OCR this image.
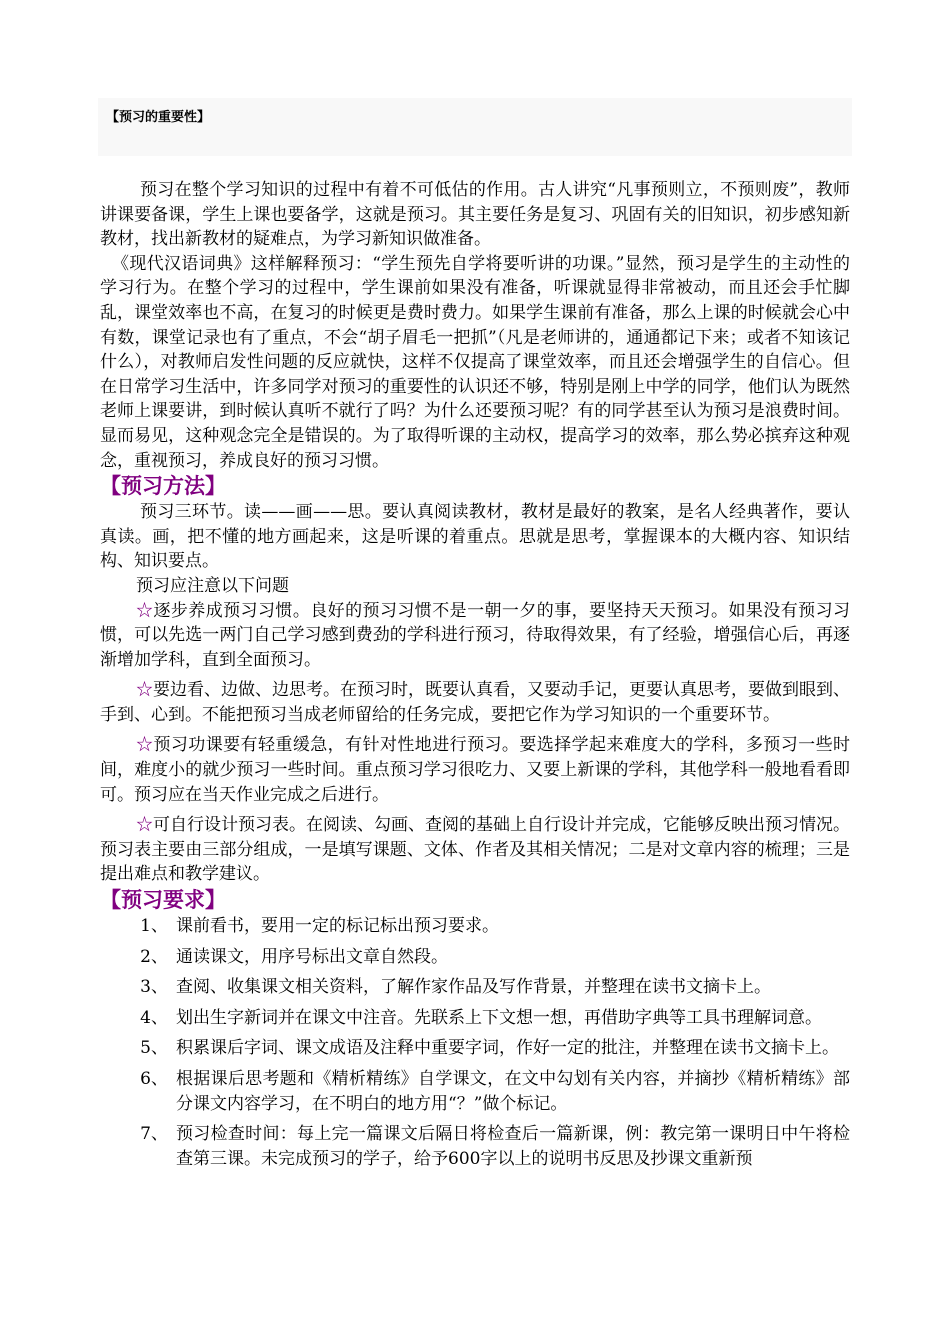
【预习的重要性】

预习在整个学习知识的过程中有着不可低估的作用。古人讲究“凡事预则立，不预则废”，教师讲课要备课，学生上课也要备学，这就是预习。其主要任务是复习、巩固有关的旧知识，初步感知新教材，找出新教材的疑难点，为学习新知识做准备。

《现代汉语词典》这样解释预习：“学生预先自学将要听讲的功课。”显然，预习是学生的主动性的学习行为。在整个学习的过程中，学生课前如果没有准备，听课就显得非常被动，而且还会手忙脚乱，课堂效率也不高，在复习的时候更是费时费力。如果学生课前有准备，那么上课的时候就会心中有数，课堂记录也有了重点，不会“胡子眉毛一把抓”（凡是老师讲的，通通都记下来；或者不知该记什么），对教师启发性问题的反应就快，这样不仅提高了课堂效率，而且还会增强学生的自信心。但在日常学习生活中，许多同学对预习的重要性的认识还不够，特别是刚上中学的同学，他们认为既然老师上课要讲，到时候认真听不就行了吗？为什么还要预习呢？有的同学甚至认为预习是浪费时间。显而易见，这种观念完全是错误的。为了取得听课的主动权，提高学习的效率，那么势必摈弃这种观念，重视预习，养成良好的预习习惯。

【预习方法】

预习三环节。读——画——思。要认真阅读教材，教材是最好的教案，是名人经典著作，要认真读。画，把不懂的地方画起来，这是听课的着重点。思就是思考，掌握课本的大概内容、知识结构、知识要点。

预习应注意以下问题

☆逐步养成预习习惯。良好的预习习惯不是一朝一夕的事，要坚持天天预习。如果没有预习习惯，可以先选一两门自己学习感到费劲的学科进行预习，待取得效果，有了经验，增强信心后，再逐渐增加学科，直到全面预习。

☆要边看、边做、边思考。在预习时，既要认真看，又要动手记，更要认真思考，要做到眼到、手到、心到。不能把预习当成老师留给的任务完成，要把它作为学习知识的一个重要环节。

☆预习功课要有轻重缓急，有针对性地进行预习。要选择学起来难度大的学科，多预习一些时间，难度小的就少预习一些时间。重点预习学习很吃力、又要上新课的学科，其他学科一般地看看即可。预习应在当天作业完成之后进行。

☆可自行设计预习表。在阅读、勾画、查阅的基础上自行设计并完成，它能够反映出预习情况。预习表主要由三部分组成，一是填写课题、文体、作者及其相关情况；二是对文章内容的梳理；三是提出难点和教学建议。

【预习要求】

1、 课前看书，要用一定的标记标出预习要求。
2、 通读课文，用序号标出文章自然段。
3、 查阅、收集课文相关资料，了解作家作品及写作背景，并整理在读书文摘卡上。
4、 划出生字新词并在课文中注音。先联系上下文想一想，再借助字典等工具书理解词意。
5、 积累课后字词、课文成语及注释中重要字词，作好一定的批注，并整理在读书文摘卡上。
6、 根据课后思考题和《精析精练》自学课文，在文中勾划有关内容，并摘抄《精析精练》部分课文内容学习，在不明白的地方用“？”做个标记。
7、 预习检查时间：每上完一篇课文后隔日将检查后一篇新课，例：教完第一课明日中午将检查第三课。未完成预习的学子，给予600字以上的说明书反思及抄课文重新预
